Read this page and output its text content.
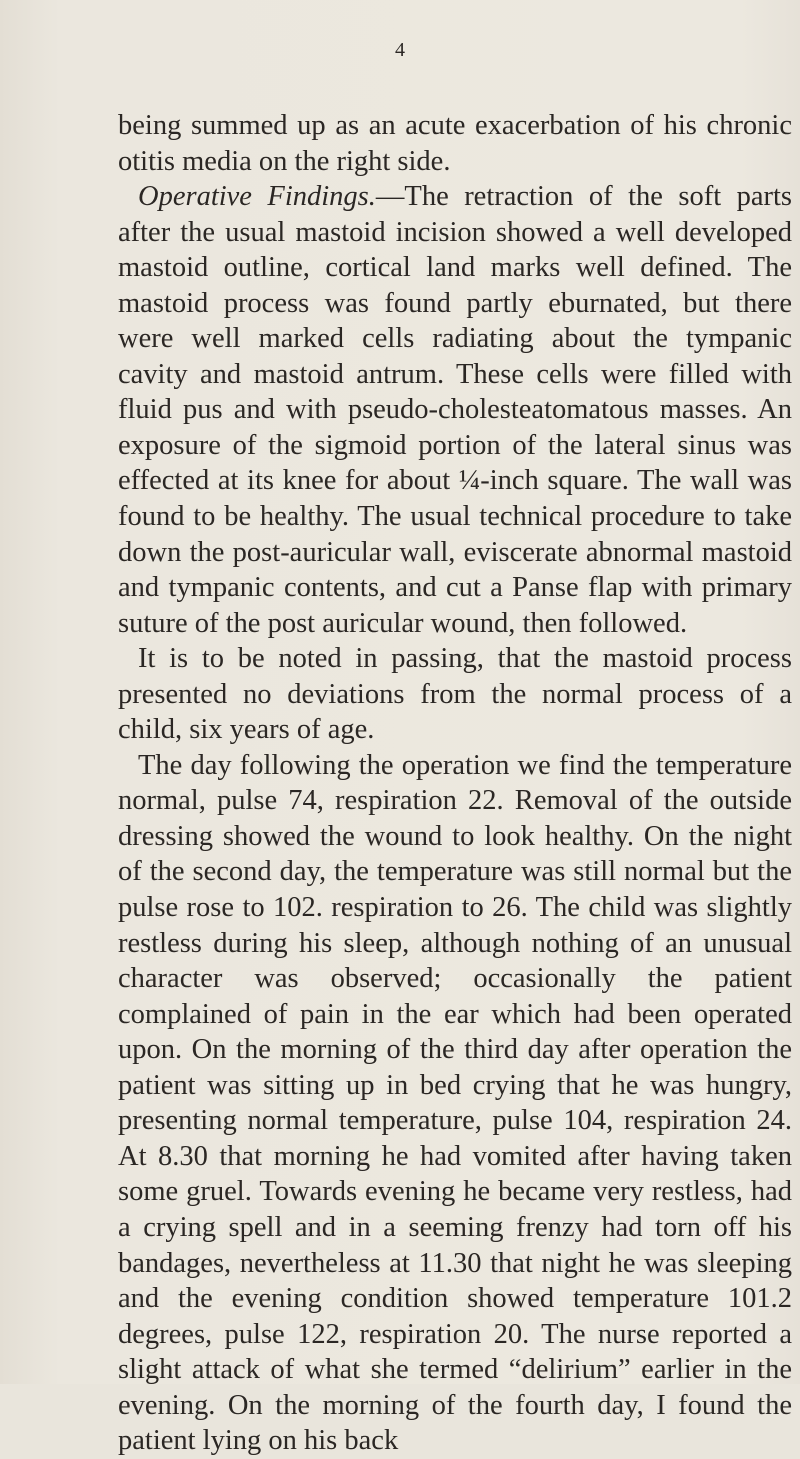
4

being summed up as an acute exacerbation of his chronic otitis media on the right side.

Operative Findings.—The retraction of the soft parts after the usual mastoid incision showed a well developed mastoid outline, cortical land marks well defined. The mastoid process was found partly eburnated, but there were well marked cells radiating about the tympanic cavity and mastoid antrum. These cells were filled with fluid pus and with pseudo-cholesteatomatous masses. An exposure of the sigmoid portion of the lateral sinus was effected at its knee for about ¼-inch square. The wall was found to be healthy. The usual technical procedure to take down the post-auricular wall, eviscerate abnormal mastoid and tympanic contents, and cut a Panse flap with primary suture of the post auricular wound, then followed.

It is to be noted in passing, that the mastoid process presented no deviations from the normal process of a child, six years of age.

The day following the operation we find the temperature normal, pulse 74, respiration 22. Removal of the outside dressing showed the wound to look healthy. On the night of the second day, the temperature was still normal but the pulse rose to 102. respiration to 26. The child was slightly restless during his sleep, although nothing of an unusual character was observed; occasionally the patient complained of pain in the ear which had been operated upon. On the morning of the third day after operation the patient was sitting up in bed crying that he was hungry, presenting normal temperature, pulse 104, respiration 24. At 8.30 that morning he had vomited after having taken some gruel. Towards evening he became very restless, had a crying spell and in a seeming frenzy had torn off his bandages, nevertheless at 11.30 that night he was sleeping and the evening condition showed temperature 101.2 degrees, pulse 122, respiration 20. The nurse reported a slight attack of what she termed “delirium” earlier in the evening. On the morning of the fourth day, I found the patient lying on his back
